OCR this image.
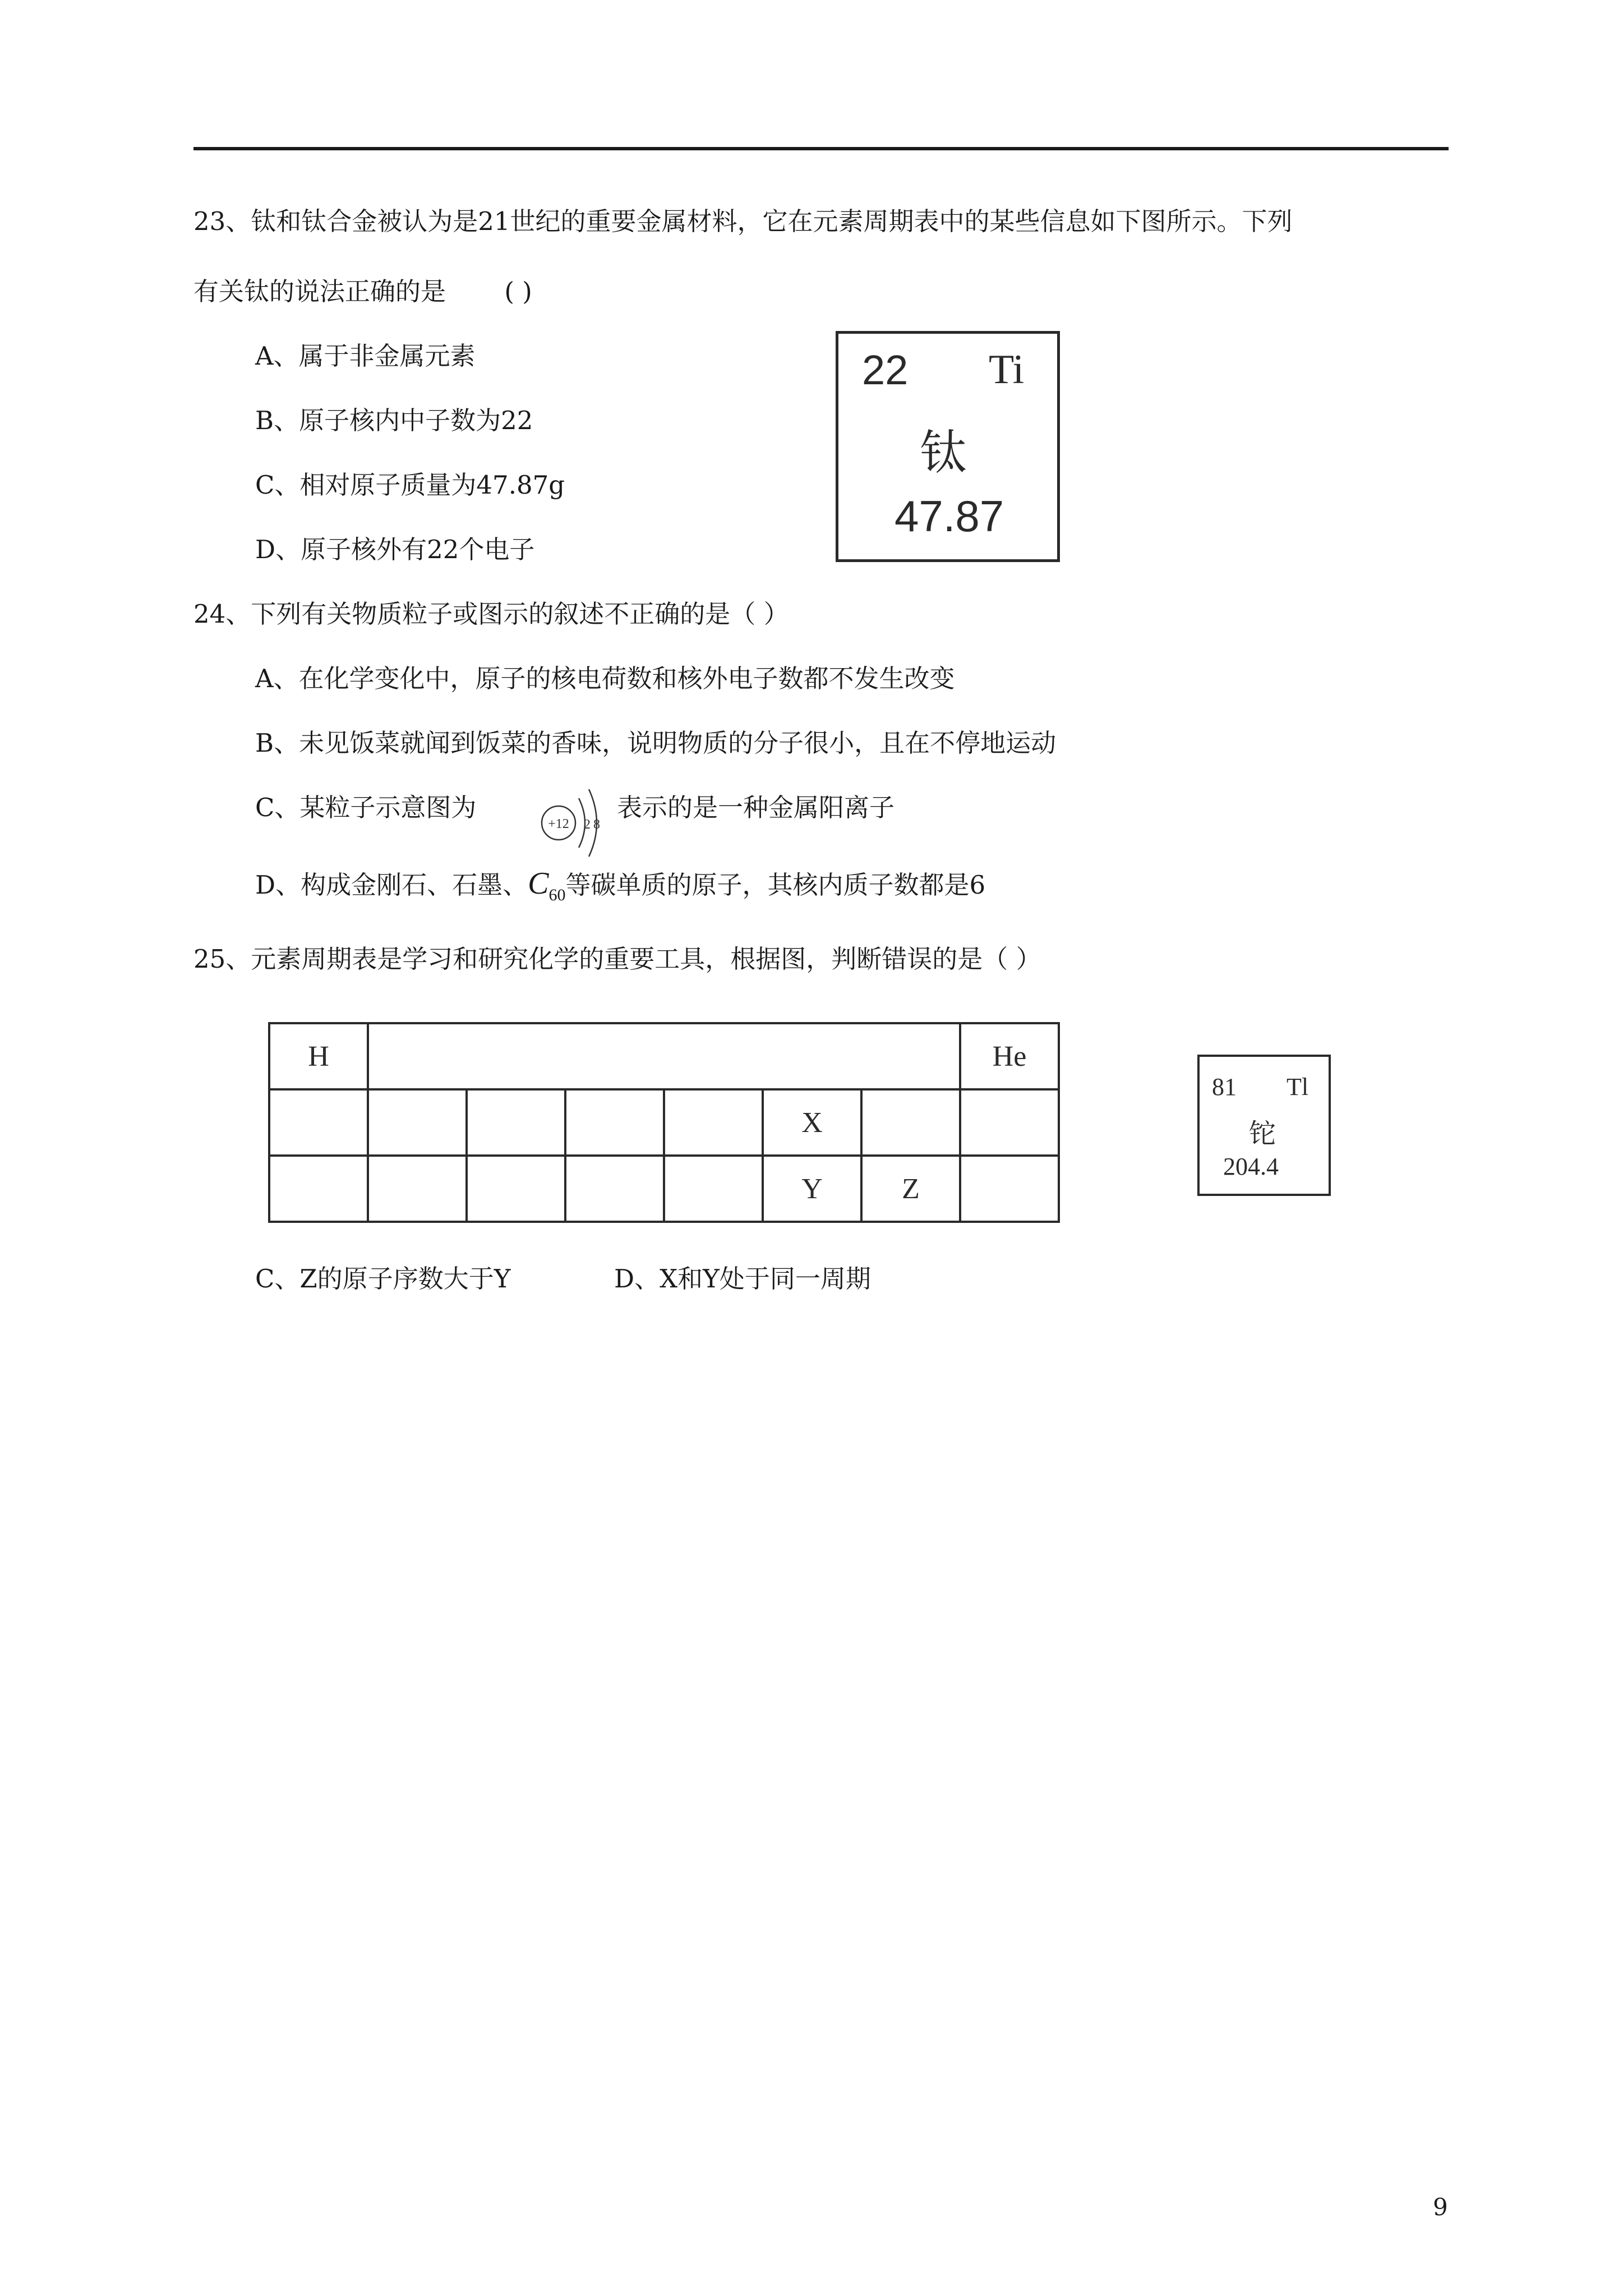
23、钛和钛合金被认为是21世纪的重要金属材料，它在元素周期表中的某些信息如下图所示。下列
有关钛的说法正确的是 ( )
A、属于非金属元素
B、原子核内中子数为22
C、相对原子质量为47.87g
D、原子核外有22个电子
22 Ti
钛
47.87
24、下列有关物质粒子或图示的叙述不正确的是（ ）
A、在化学变化中，原子的核电荷数和核外电子数都不发生改变
B、未见饭菜就闻到饭菜的香味，说明物质的分子很小，且在不停地运动
C、某粒子示意图为
+12 2 8
表示的是一种金属阳离子
D、构成金刚石、石墨、$C_{60}$等碳单质的原子，其核内质子数都是6
25、元素周期表是学习和研究化学的重要工具，根据图，判断错误的是（ ）
H							He
					X		
					Y	Z	
81 Tl
铊
204.4
C、Z的原子序数大于Y	D、X和Y处于同一周期
9
